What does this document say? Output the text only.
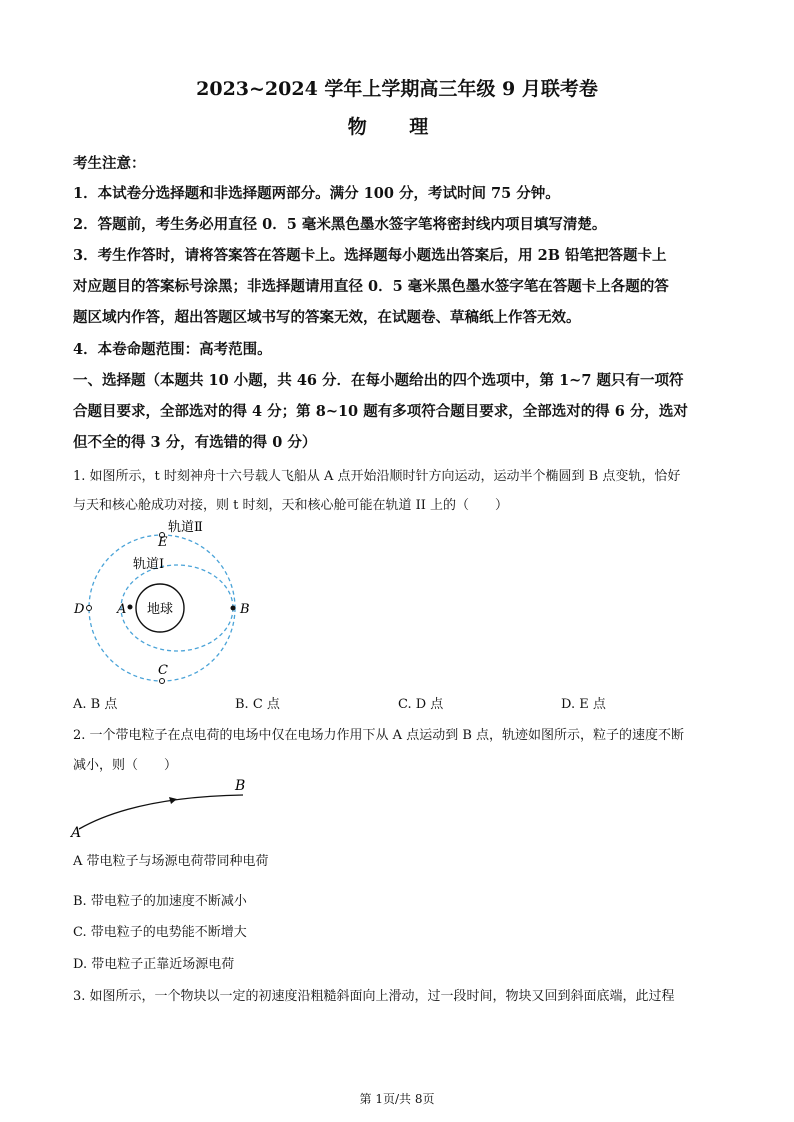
2023~2024 学年上学期高三年级 9 月联考卷
物 理
考生注意：
1．本试卷分选择题和非选择题两部分。满分 100 分，考试时间 75 分钟。
2．答题前，考生务必用直径 0．5 毫米黑色墨水签字笔将密封线内项目填写清楚。
3．考生作答时，请将答案答在答题卡上。选择题每小题选出答案后，用 2B 铅笔把答题卡上
对应题目的答案标号涂黑；非选择题请用直径 0．5 毫米黑色墨水签字笔在答题卡上各题的答
题区域内作答，超出答题区域书写的答案无效，在试题卷、草稿纸上作答无效。
4．本卷命题范围：高考范围。
一、选择题（本题共 10 小题，共 46 分．在每小题给出的四个选项中，第 1~7 题只有一项符
合题目要求，全部选对的得 4 分；第 8~10 题有多项符合题目要求，全部选对的得 6 分，选对
但不全的得 3 分，有选错的得 0 分）
1. 如图所示，t 时刻神舟十六号载人飞船从 A 点开始沿顺时针方向运动，运动半个椭圆到 B 点变轨，恰好
与天和核心舱成功对接，则 t 时刻，天和核心舱可能在轨道 II 上的（　　）
地球
轨道Ⅱ
E
轨道Ⅰ
D	A	B
C
A. B 点	B. C 点	C. D 点	D. E 点
2. 一个带电粒子在点电荷的电场中仅在电场力作用下从 A 点运动到 B 点，轨迹如图所示，粒子的速度不断
减小，则（　　）
B
A
A 带电粒子与场源电荷带同种电荷
B. 带电粒子的加速度不断减小
C. 带电粒子的电势能不断增大
D. 带电粒子正靠近场源电荷
3. 如图所示，一个物块以一定的初速度沿粗糙斜面向上滑动，过一段时间，物块又回到斜面底端，此过程
第 1页/共 8页
